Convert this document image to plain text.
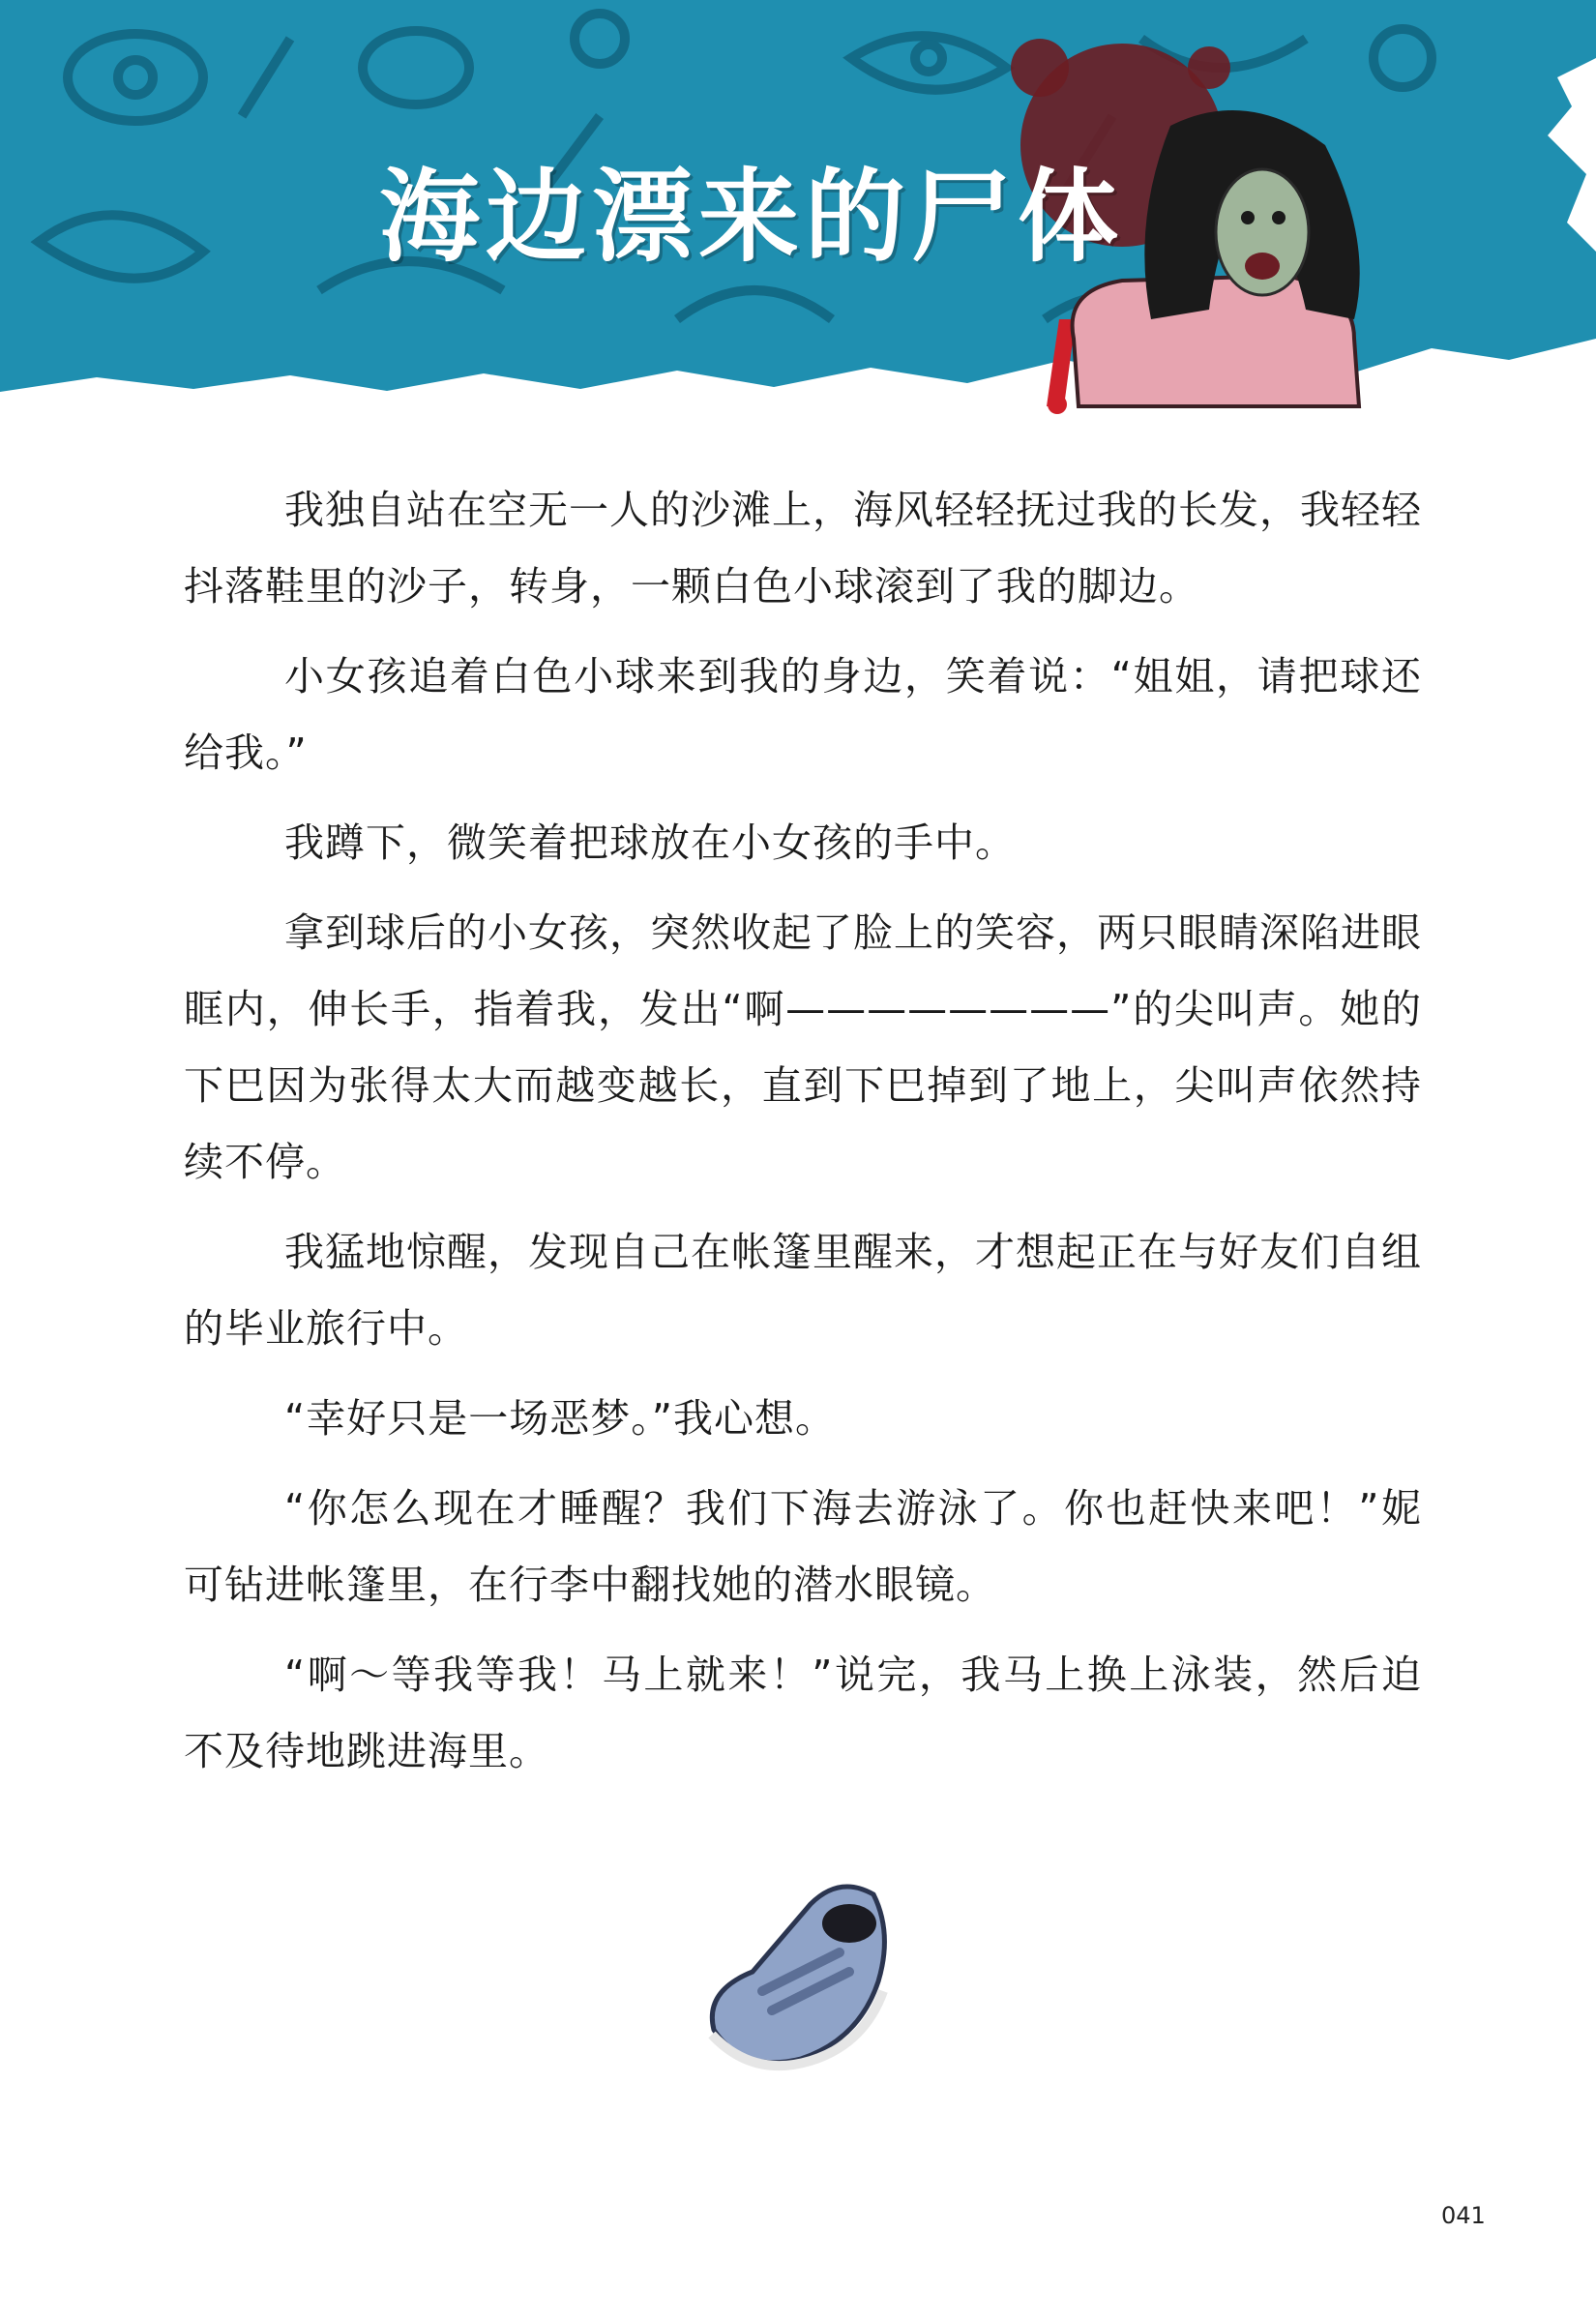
海边漂来的尸体

我独自站在空无一人的沙滩上，海风轻轻抚过我的长发，我轻轻抖落鞋里的沙子，转身，一颗白色小球滚到了我的脚边。

小女孩追着白色小球来到我的身边，笑着说：“姐姐，请把球还给我。”

我蹲下，微笑着把球放在小女孩的手中。

拿到球后的小女孩，突然收起了脸上的笑容，两只眼睛深陷进眼眶内，伸长手，指着我，发出“啊————————”的尖叫声。她的下巴因为张得太大而越变越长，直到下巴掉到了地上，尖叫声依然持续不停。

我猛地惊醒，发现自己在帐篷里醒来，才想起正在与好友们自组的毕业旅行中。

“幸好只是一场恶梦。”我心想。

“你怎么现在才睡醒？我们下海去游泳了。你也赶快来吧！”妮可钻进帐篷里，在行李中翻找她的潜水眼镜。

“啊～等我等我！马上就来！”说完，我马上换上泳装，然后迫不及待地跳进海里。

041
